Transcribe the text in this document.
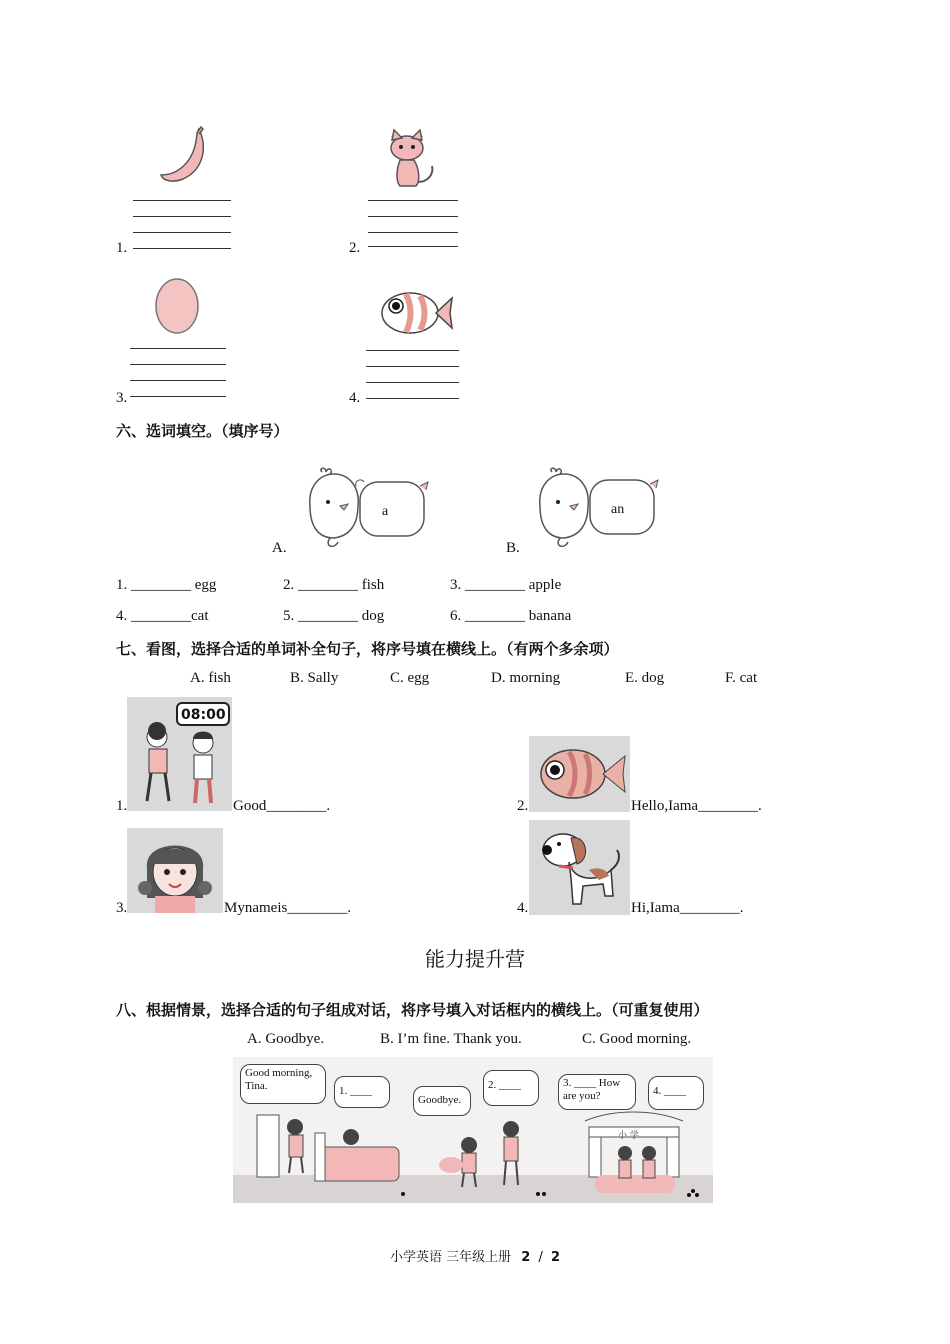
1.	2.
3.	4.
六、选词填空。（填序号）
a
A.
an
B.
1. ________ egg	2. ________ fish	3. ________ apple
4. ________cat	5. ________ dog	6. ________ banana
七、看图，选择合适的单词补全句子，将序号填在横线上。（有两个多余项）
A. fish	B. Sally	C. egg	D. morning	E. dog	F. cat
08:00
1.	Good________.	2.	Hello,Iama________.
3.	Mynameis________.	4.	Hi,Iama________.
能力提升营
八、根据情景，选择合适的句子组成对话，将序号填入对话框内的横线上。（可重复使用）
A. Goodbye.	B. I’m fine. Thank you.	C. Good morning.
Good morning, Tina.	1. ____
Goodbye.
2. ____	3. ____ How are you?	4. ____
小 学
小学英语 三年级上册 2 / 2
